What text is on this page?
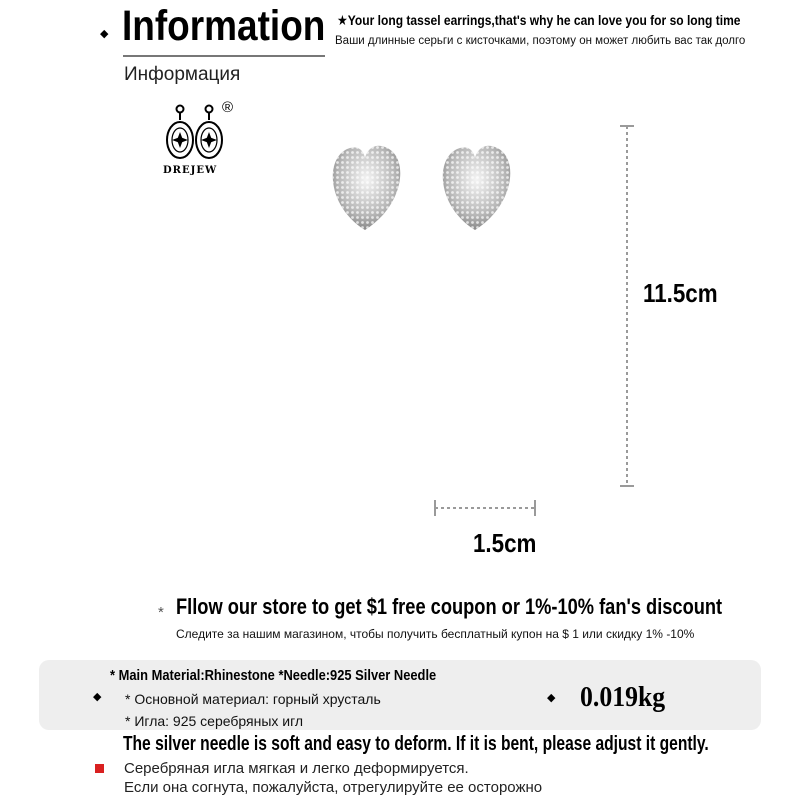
◆ Information
Информация
★Your long tassel earrings,that's why he can love you for so long time
Ваши длинные серьги с кисточками, поэтому он может любить вас так долго
®
DREJEW
11.5cm
1.5cm
* Fllow our store to get $1 free coupon or 1%-10% fan's discount
Следите за нашим магазином, чтобы получить бесплатный купон на $ 1 или скидку 1% -10%
* Main Material:Rhinestone *Needle:925 Silver Needle
◆ * Основной материал: горный хрусталь
* Игла: 925 серебряных игл
◆ 0.019kg
The silver needle is soft and easy to deform. If it is bent, please adjust it gently.
Серебряная игла мягкая и легко деформируется.
Если она согнута, пожалуйста, отрегулируйте ее осторожно
